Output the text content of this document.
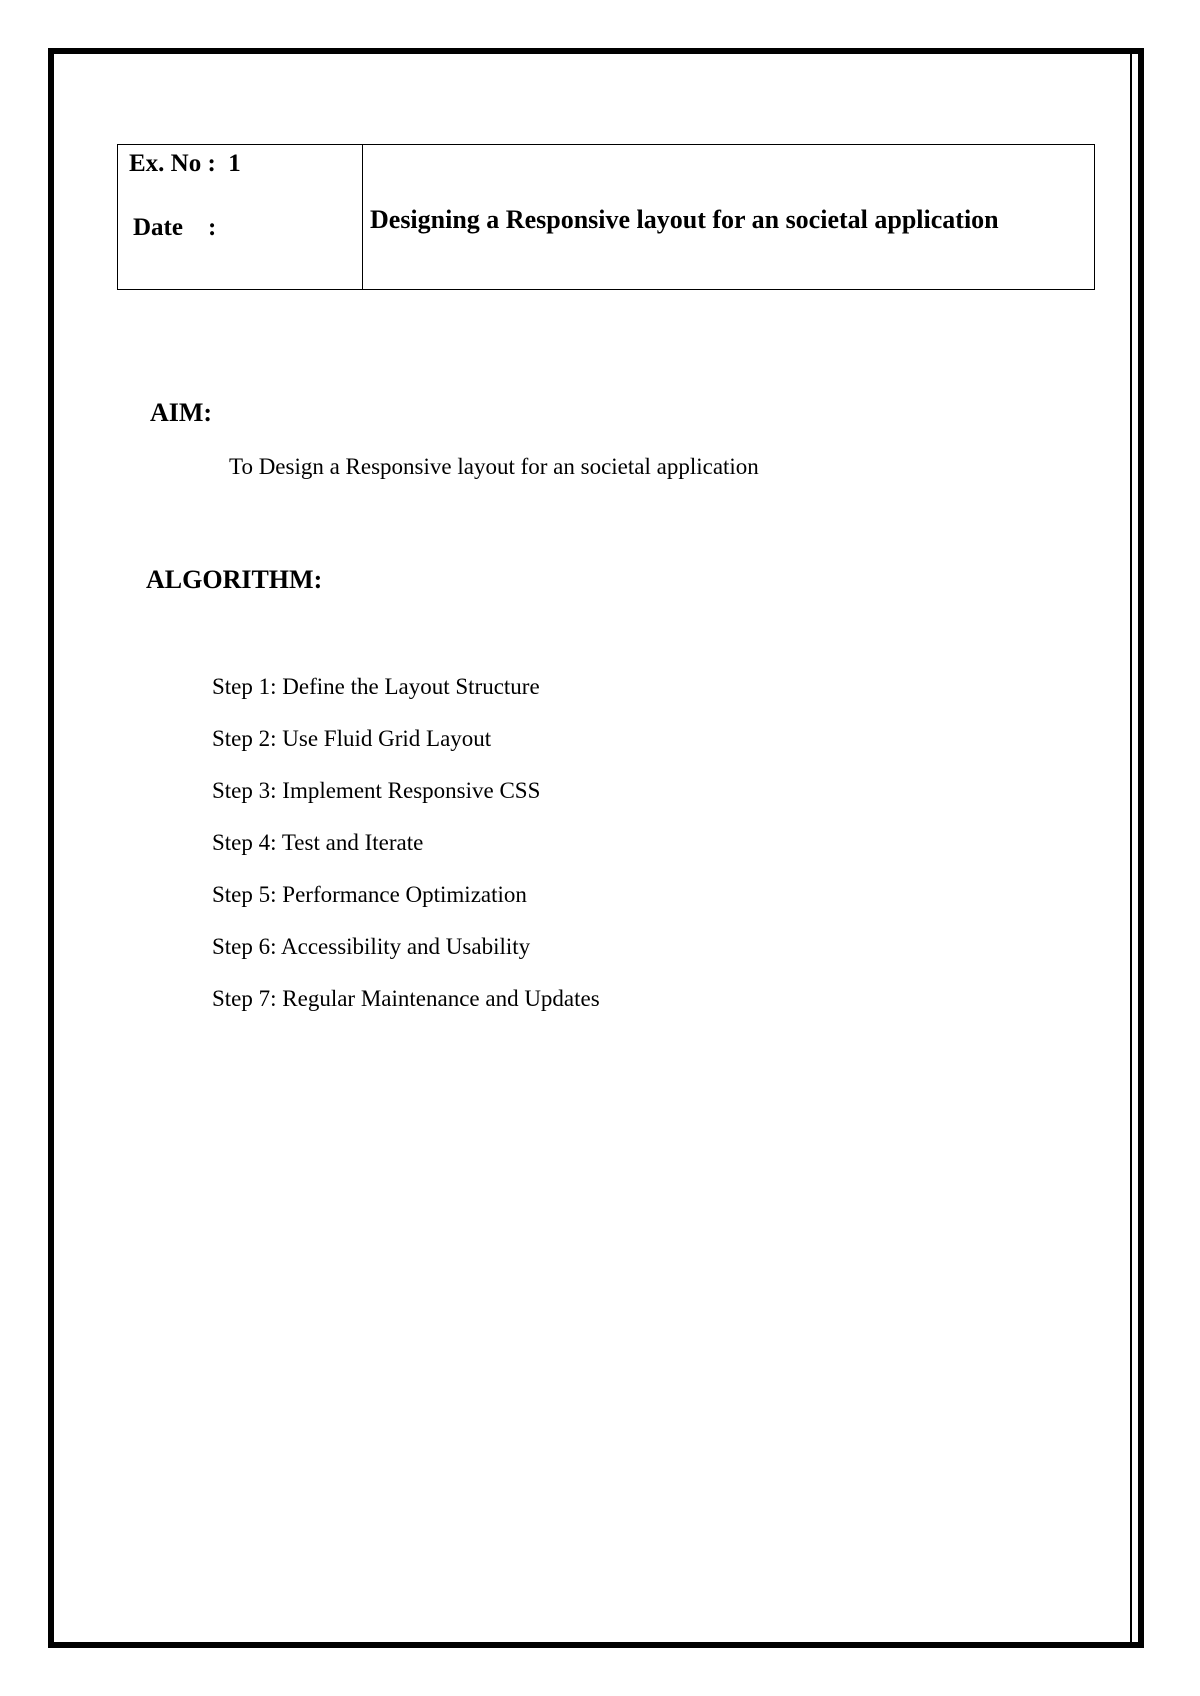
Ex. No :  1
Date    :	Designing a Responsive layout for an societal application
AIM:
To Design a Responsive layout for an societal application
ALGORITHM:
Step 1: Define the Layout Structure
Step 2: Use Fluid Grid Layout
Step 3: Implement Responsive CSS
Step 4: Test and Iterate
Step 5: Performance Optimization
Step 6: Accessibility and Usability
Step 7: Regular Maintenance and Updates
